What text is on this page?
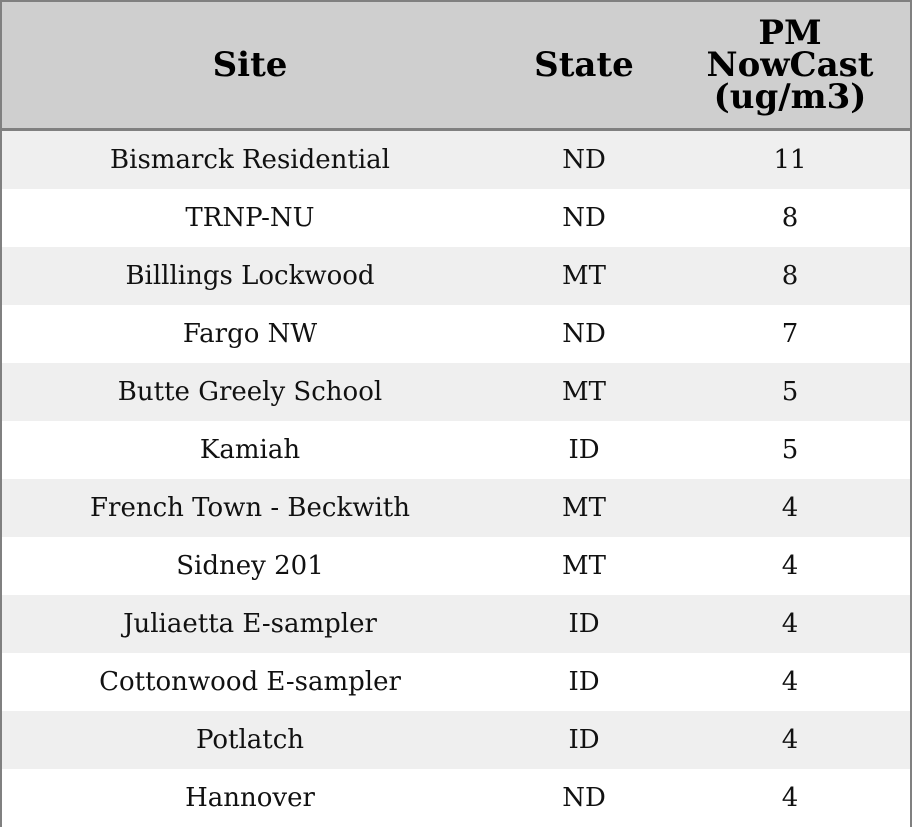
Site	State	PM
NowCast
(ug/m3)

Bismarck Residential	ND	11
TRNP-NU	ND	8
Billlings Lockwood	MT	8
Fargo NW	ND	7
Butte Greely School	MT	5
Kamiah	ID	5
French Town - Beckwith	MT	4
Sidney 201	MT	4
Juliaetta E-sampler	ID	4
Cottonwood E-sampler	ID	4
Potlatch	ID	4
Hannover	ND	4
